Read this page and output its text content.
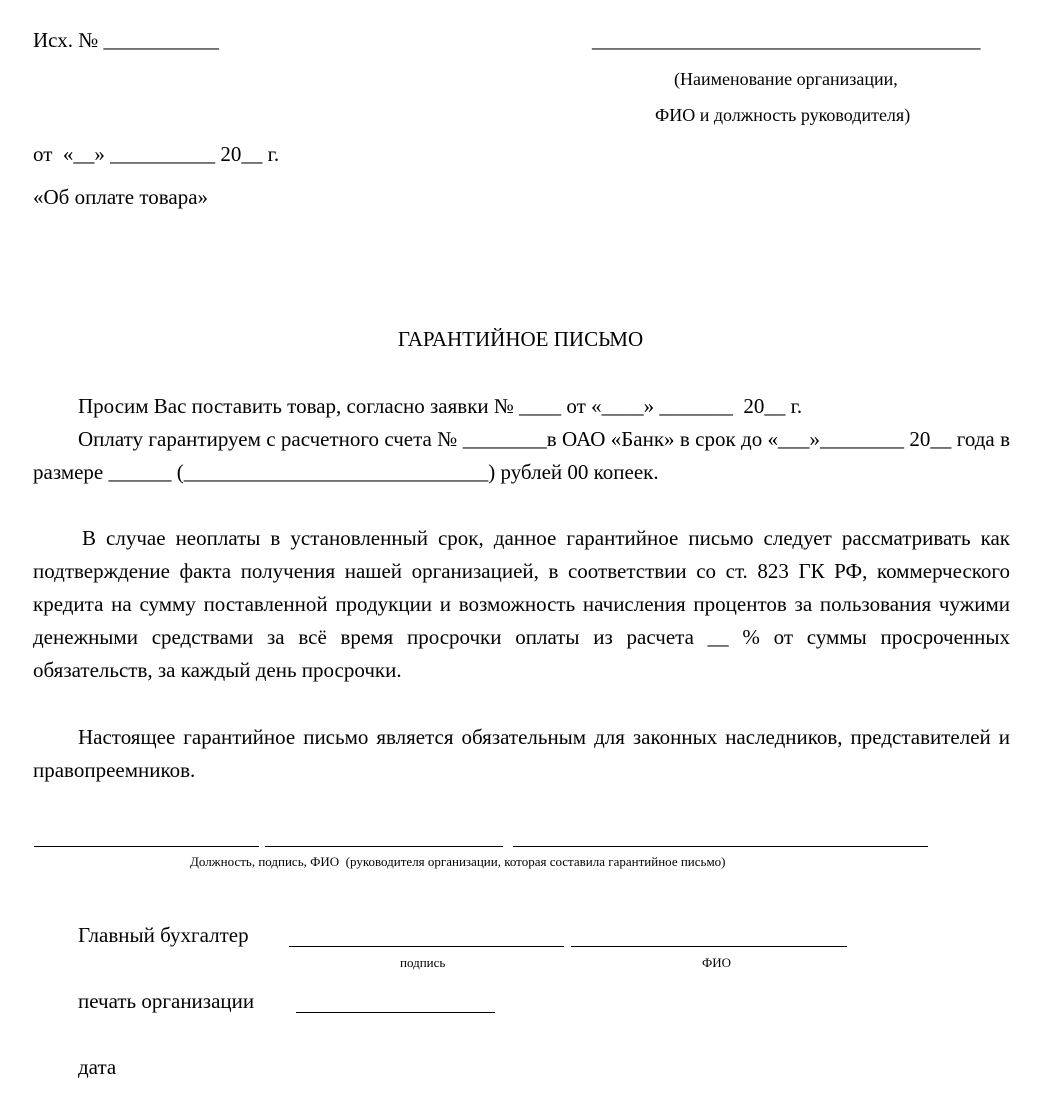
Исх. № ___________	_____________________________________
(Наименование организации,
ФИО и должность руководителя)
от  «__» __________ 20__ г.
«Об оплате товара»
ГАРАНТИЙНОЕ ПИСЬМО
Просим Вас поставить товар, согласно заявки № ____ от «____» _______  20__ г.
Оплату гарантируем с расчетного счета № ________в ОАО «Банк» в срок до «___»________ 20__ года в размере ______ (_____________________________) рублей 00 копеек.
В случае неоплаты в установленный срок, данное гарантийное письмо следует рассматривать как подтверждение факта получения нашей организацией, в соответствии со ст. 823 ГК РФ, коммерческого кредита на сумму поставленной продукции и возможность начисления процентов за пользования чужими денежными средствами за всё время просрочки оплаты из расчета __ % от суммы просроченных обязательств, за каждый день просрочки.
Настоящее гарантийное письмо является обязательным для законных наследников, представителей и правопреемников.
Должность, подпись, ФИО  (руководителя организации, которая составила гарантийное письмо)
Главный бухгалтер
подпись	ФИО
печать организации
дата
